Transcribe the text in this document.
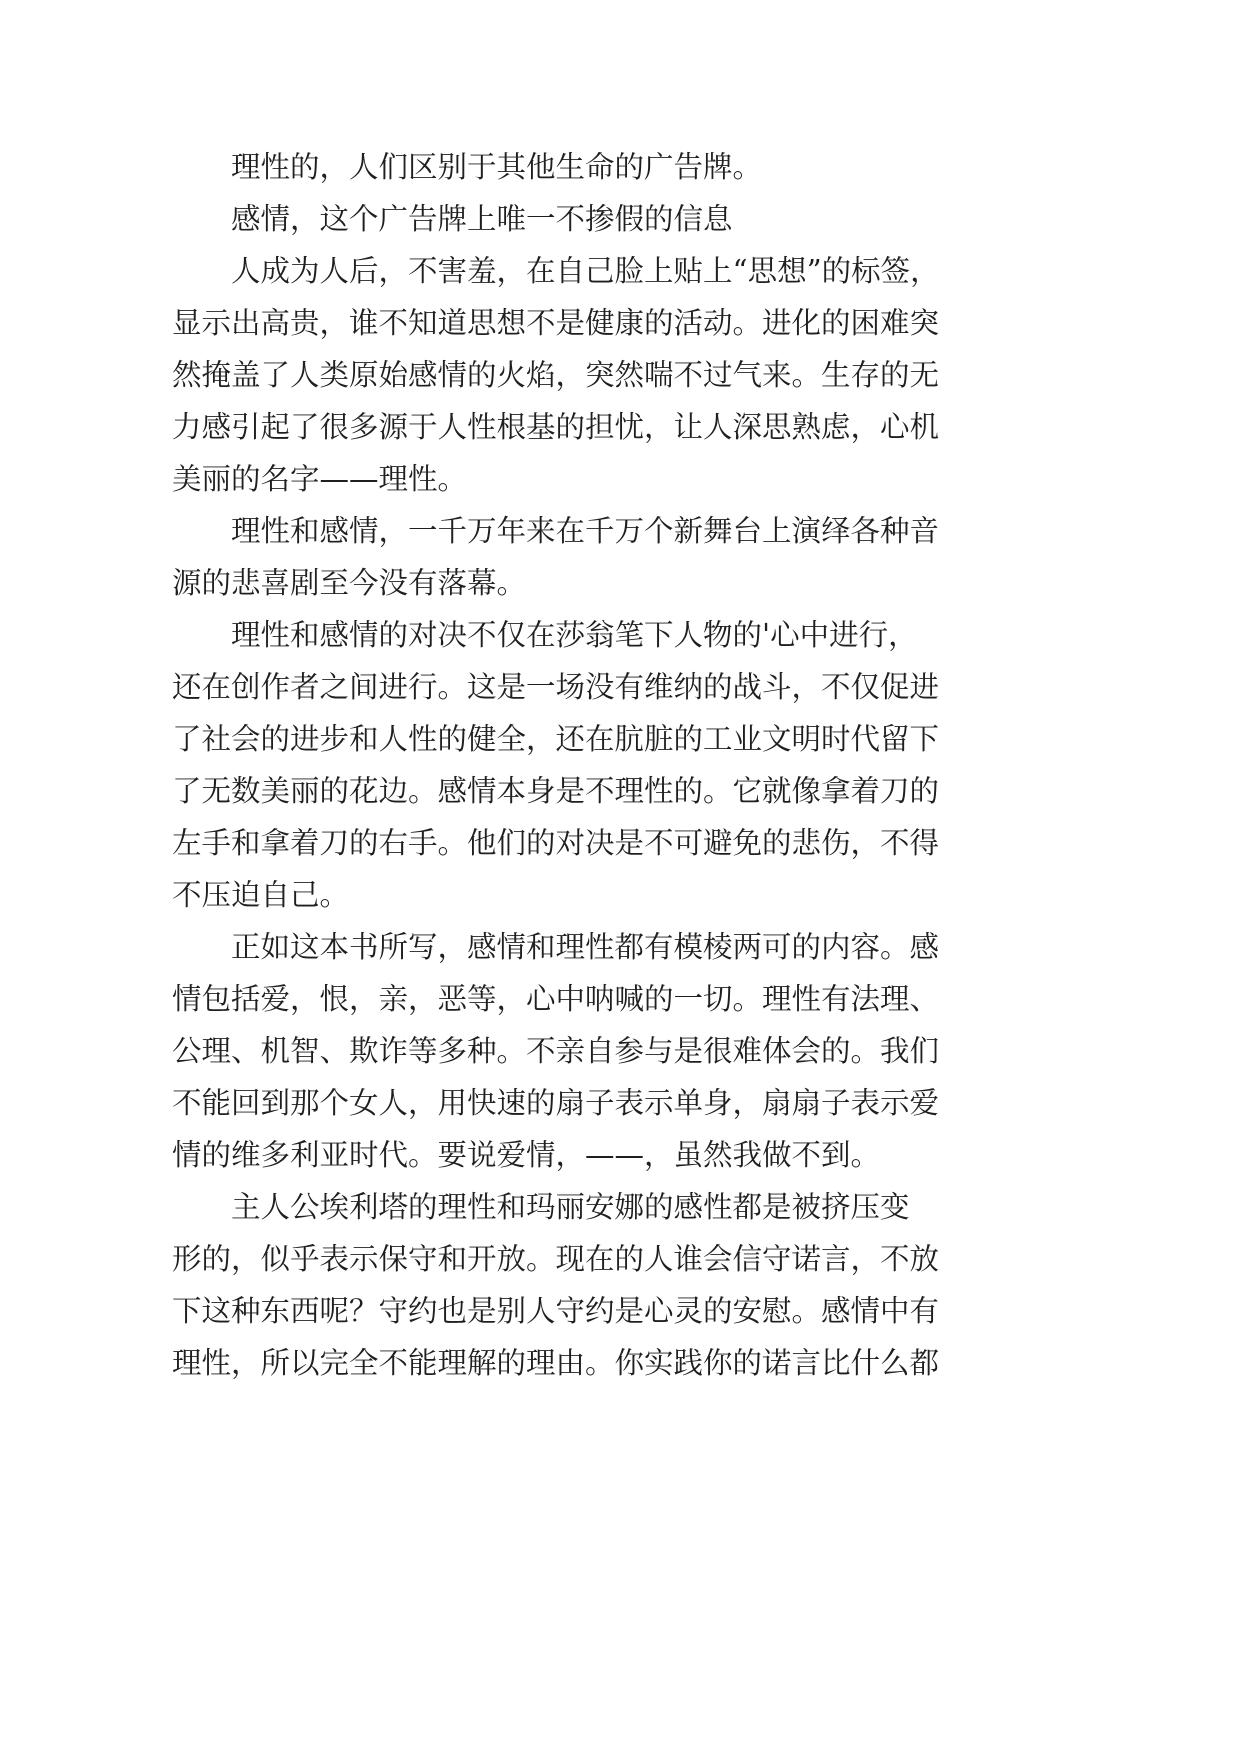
理性的，人们区别于其他生命的广告牌。
感情，这个广告牌上唯一不掺假的信息
人成为人后，不害羞，在自己脸上贴上“思想”的标签，
显示出高贵，谁不知道思想不是健康的活动。进化的困难突
然掩盖了人类原始感情的火焰，突然喘不过气来。生存的无
力感引起了很多源于人性根基的担忧，让人深思熟虑，心机
美丽的名字——理性。
理性和感情，一千万年来在千万个新舞台上演绎各种音
源的悲喜剧至今没有落幕。
理性和感情的对决不仅在莎翁笔下人物的'心中进行，
还在创作者之间进行。这是一场没有维纳的战斗，不仅促进
了社会的进步和人性的健全，还在肮脏的工业文明时代留下
了无数美丽的花边。感情本身是不理性的。它就像拿着刀的
左手和拿着刀的右手。他们的对决是不可避免的悲伤，不得
不压迫自己。
正如这本书所写，感情和理性都有模棱两可的内容。感
情包括爱，恨，亲，恶等，心中呐喊的一切。理性有法理、
公理、机智、欺诈等多种。不亲自参与是很难体会的。我们
不能回到那个女人，用快速的扇子表示单身，扇扇子表示爱
情的维多利亚时代。要说爱情，——，虽然我做不到。
主人公埃利塔的理性和玛丽安娜的感性都是被挤压变
形的，似乎表示保守和开放。现在的人谁会信守诺言，不放
下这种东西呢？守约也是别人守约是心灵的安慰。感情中有
理性，所以完全不能理解的理由。你实践你的诺言比什么都
